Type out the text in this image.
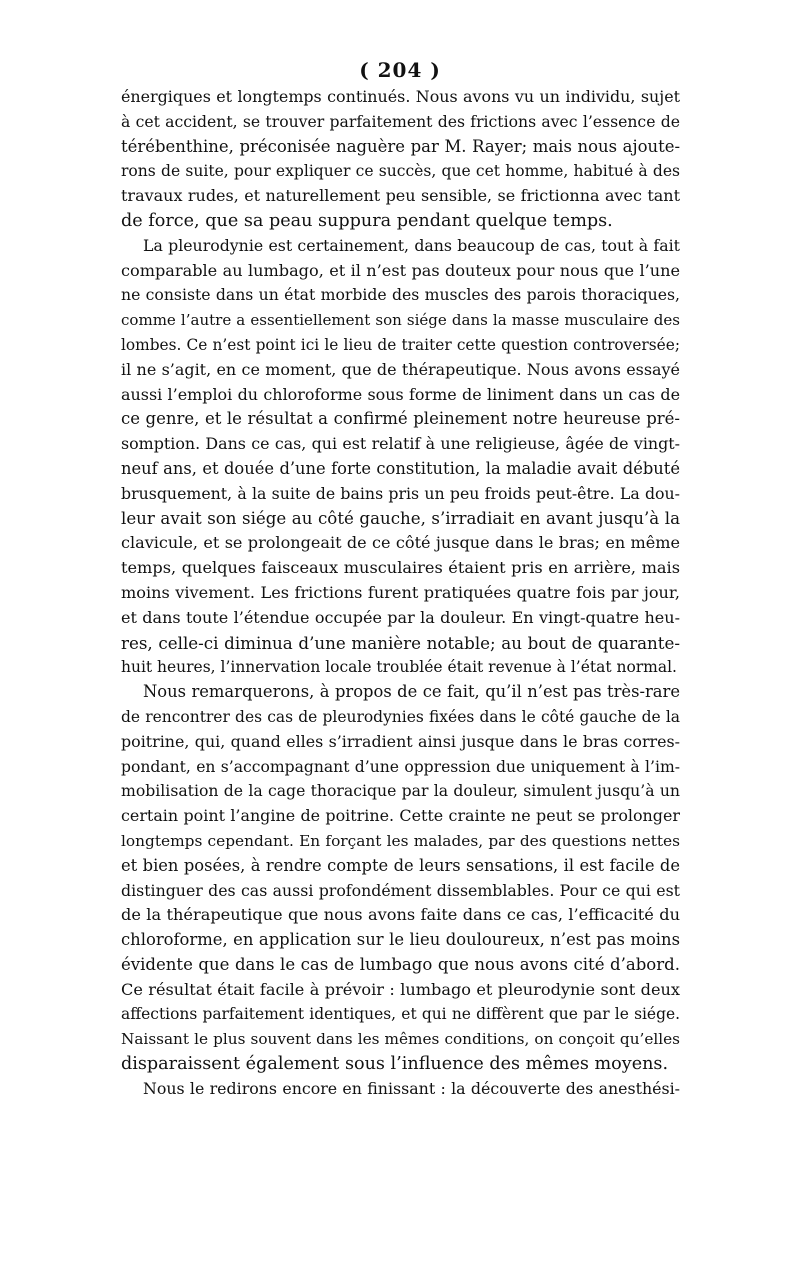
( 204 )
énergiques et longtemps continués. Nous avons vu un individu, sujet
à cet accident, se trouver parfaitement des frictions avec l’essence de
térébenthine, préconisée naguère par M. Rayer; mais nous ajoute-
rons de suite, pour expliquer ce succès, que cet homme, habitué à des
travaux rudes, et naturellement peu sensible, se frictionna avec tant
de force, que sa peau suppura pendant quelque temps.
La pleurodynie est certainement, dans beaucoup de cas, tout à fait
comparable au lumbago, et il n’est pas douteux pour nous que l’une
ne consiste dans un état morbide des muscles des parois thoraciques,
comme l’autre a essentiellement son siége dans la masse musculaire des
lombes. Ce n’est point ici le lieu de traiter cette question controversée;
il ne s’agit, en ce moment, que de thérapeutique. Nous avons essayé
aussi l’emploi du chloroforme sous forme de liniment dans un cas de
ce genre, et le résultat a confirmé pleinement notre heureuse pré-
somption. Dans ce cas, qui est relatif à une religieuse, âgée de vingt-
neuf ans, et douée d’une forte constitution, la maladie avait débuté
brusquement, à la suite de bains pris un peu froids peut-être. La dou-
leur avait son siége au côté gauche, s’irradiait en avant jusqu’à la
clavicule, et se prolongeait de ce côté jusque dans le bras; en même
temps, quelques faisceaux musculaires étaient pris en arrière, mais
moins vivement. Les frictions furent pratiquées quatre fois par jour,
et dans toute l’étendue occupée par la douleur. En vingt-quatre heu-
res, celle-ci diminua d’une manière notable; au bout de quarante-
huit heures, l’innervation locale troublée était revenue à l’état normal.
Nous remarquerons, à propos de ce fait, qu’il n’est pas très-rare
de rencontrer des cas de pleurodynies fixées dans le côté gauche de la
poitrine, qui, quand elles s’irradient ainsi jusque dans le bras corres-
pondant, en s’accompagnant d’une oppression due uniquement à l’im-
mobilisation de la cage thoracique par la douleur, simulent jusqu’à un
certain point l’angine de poitrine. Cette crainte ne peut se prolonger
longtemps cependant. En forçant les malades, par des questions nettes
et bien posées, à rendre compte de leurs sensations, il est facile de
distinguer des cas aussi profondément dissemblables. Pour ce qui est
de la thérapeutique que nous avons faite dans ce cas, l’efficacité du
chloroforme, en application sur le lieu douloureux, n’est pas moins
évidente que dans le cas de lumbago que nous avons cité d’abord.
Ce résultat était facile à prévoir : lumbago et pleurodynie sont deux
affections parfaitement identiques, et qui ne diffèrent que par le siége.
Naissant le plus souvent dans les mêmes conditions, on conçoit qu’elles
disparaissent également sous l’influence des mêmes moyens.
Nous le redirons encore en finissant : la découverte des anesthési-
